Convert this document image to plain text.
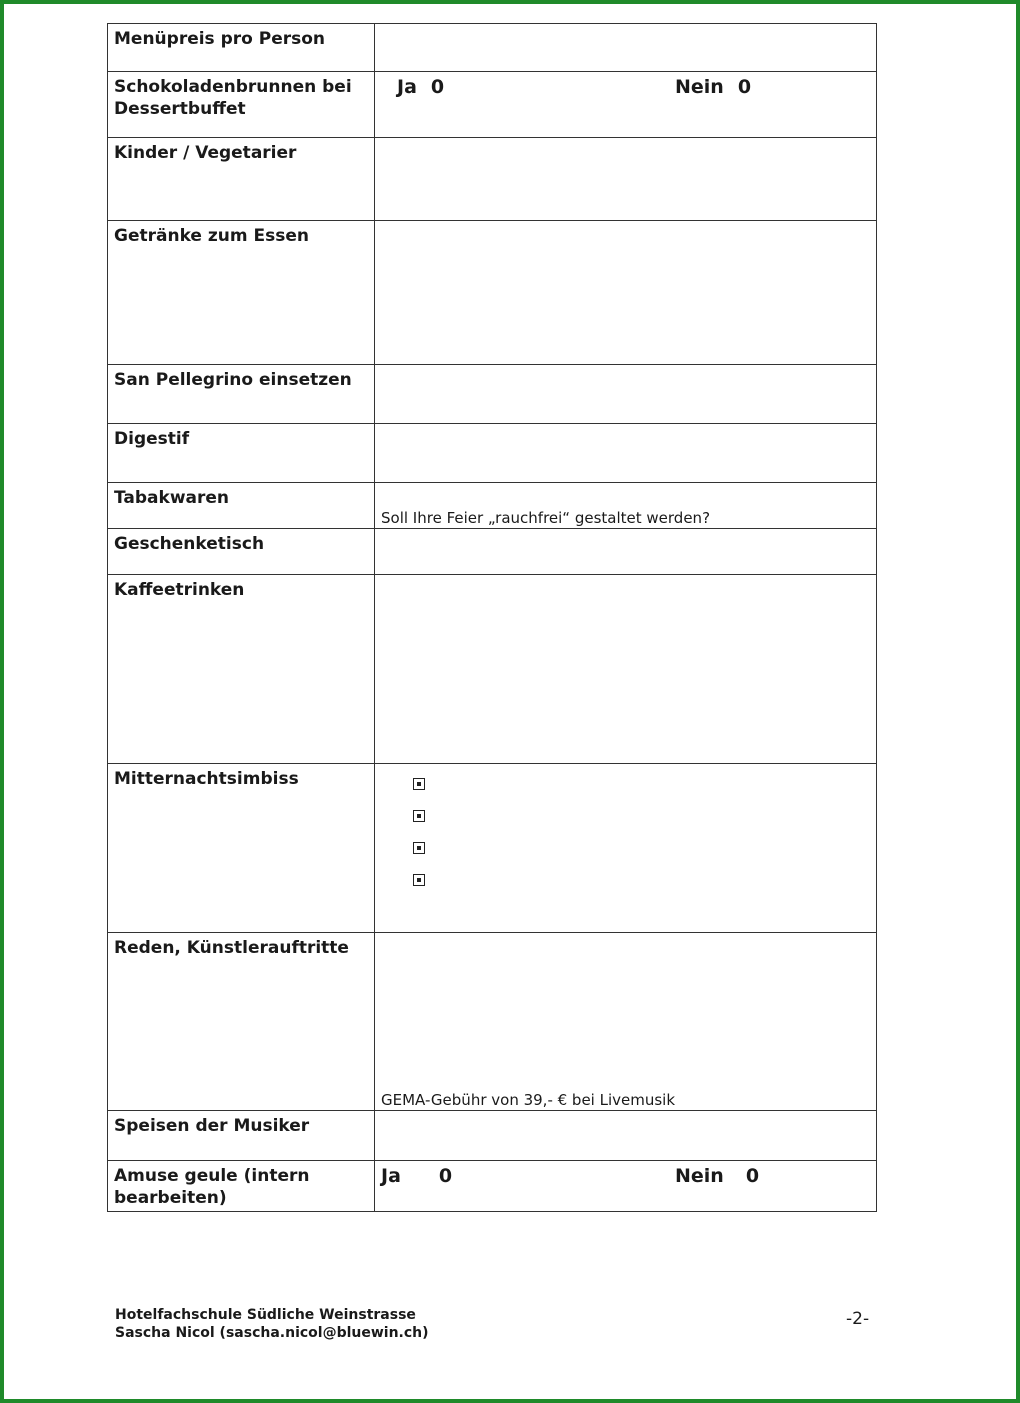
Menüpreis pro Person	

Schokoladenbrunnen bei Dessertbuffet	Ja 0 Nein 0

Kinder / Vegetarier	

Getränke zum Essen	

San Pellegrino einsetzen	

Digestif	

Tabakwaren	Soll Ihre Feier „rauchfrei“ gestaltet werden?

Geschenketisch	

Kaffeetrinken	

Mitternachtsimbiss	

Reden, Künstlerauftritte	GEMA-Gebühr von 39,- € bei Livemusik

Speisen der Musiker	

Amuse geule (intern bearbeiten)	Ja 0 Nein 0
Hotelfachschule Südliche Weinstrasse
Sascha Nicol (sascha.nicol@bluewin.ch)
-2-
